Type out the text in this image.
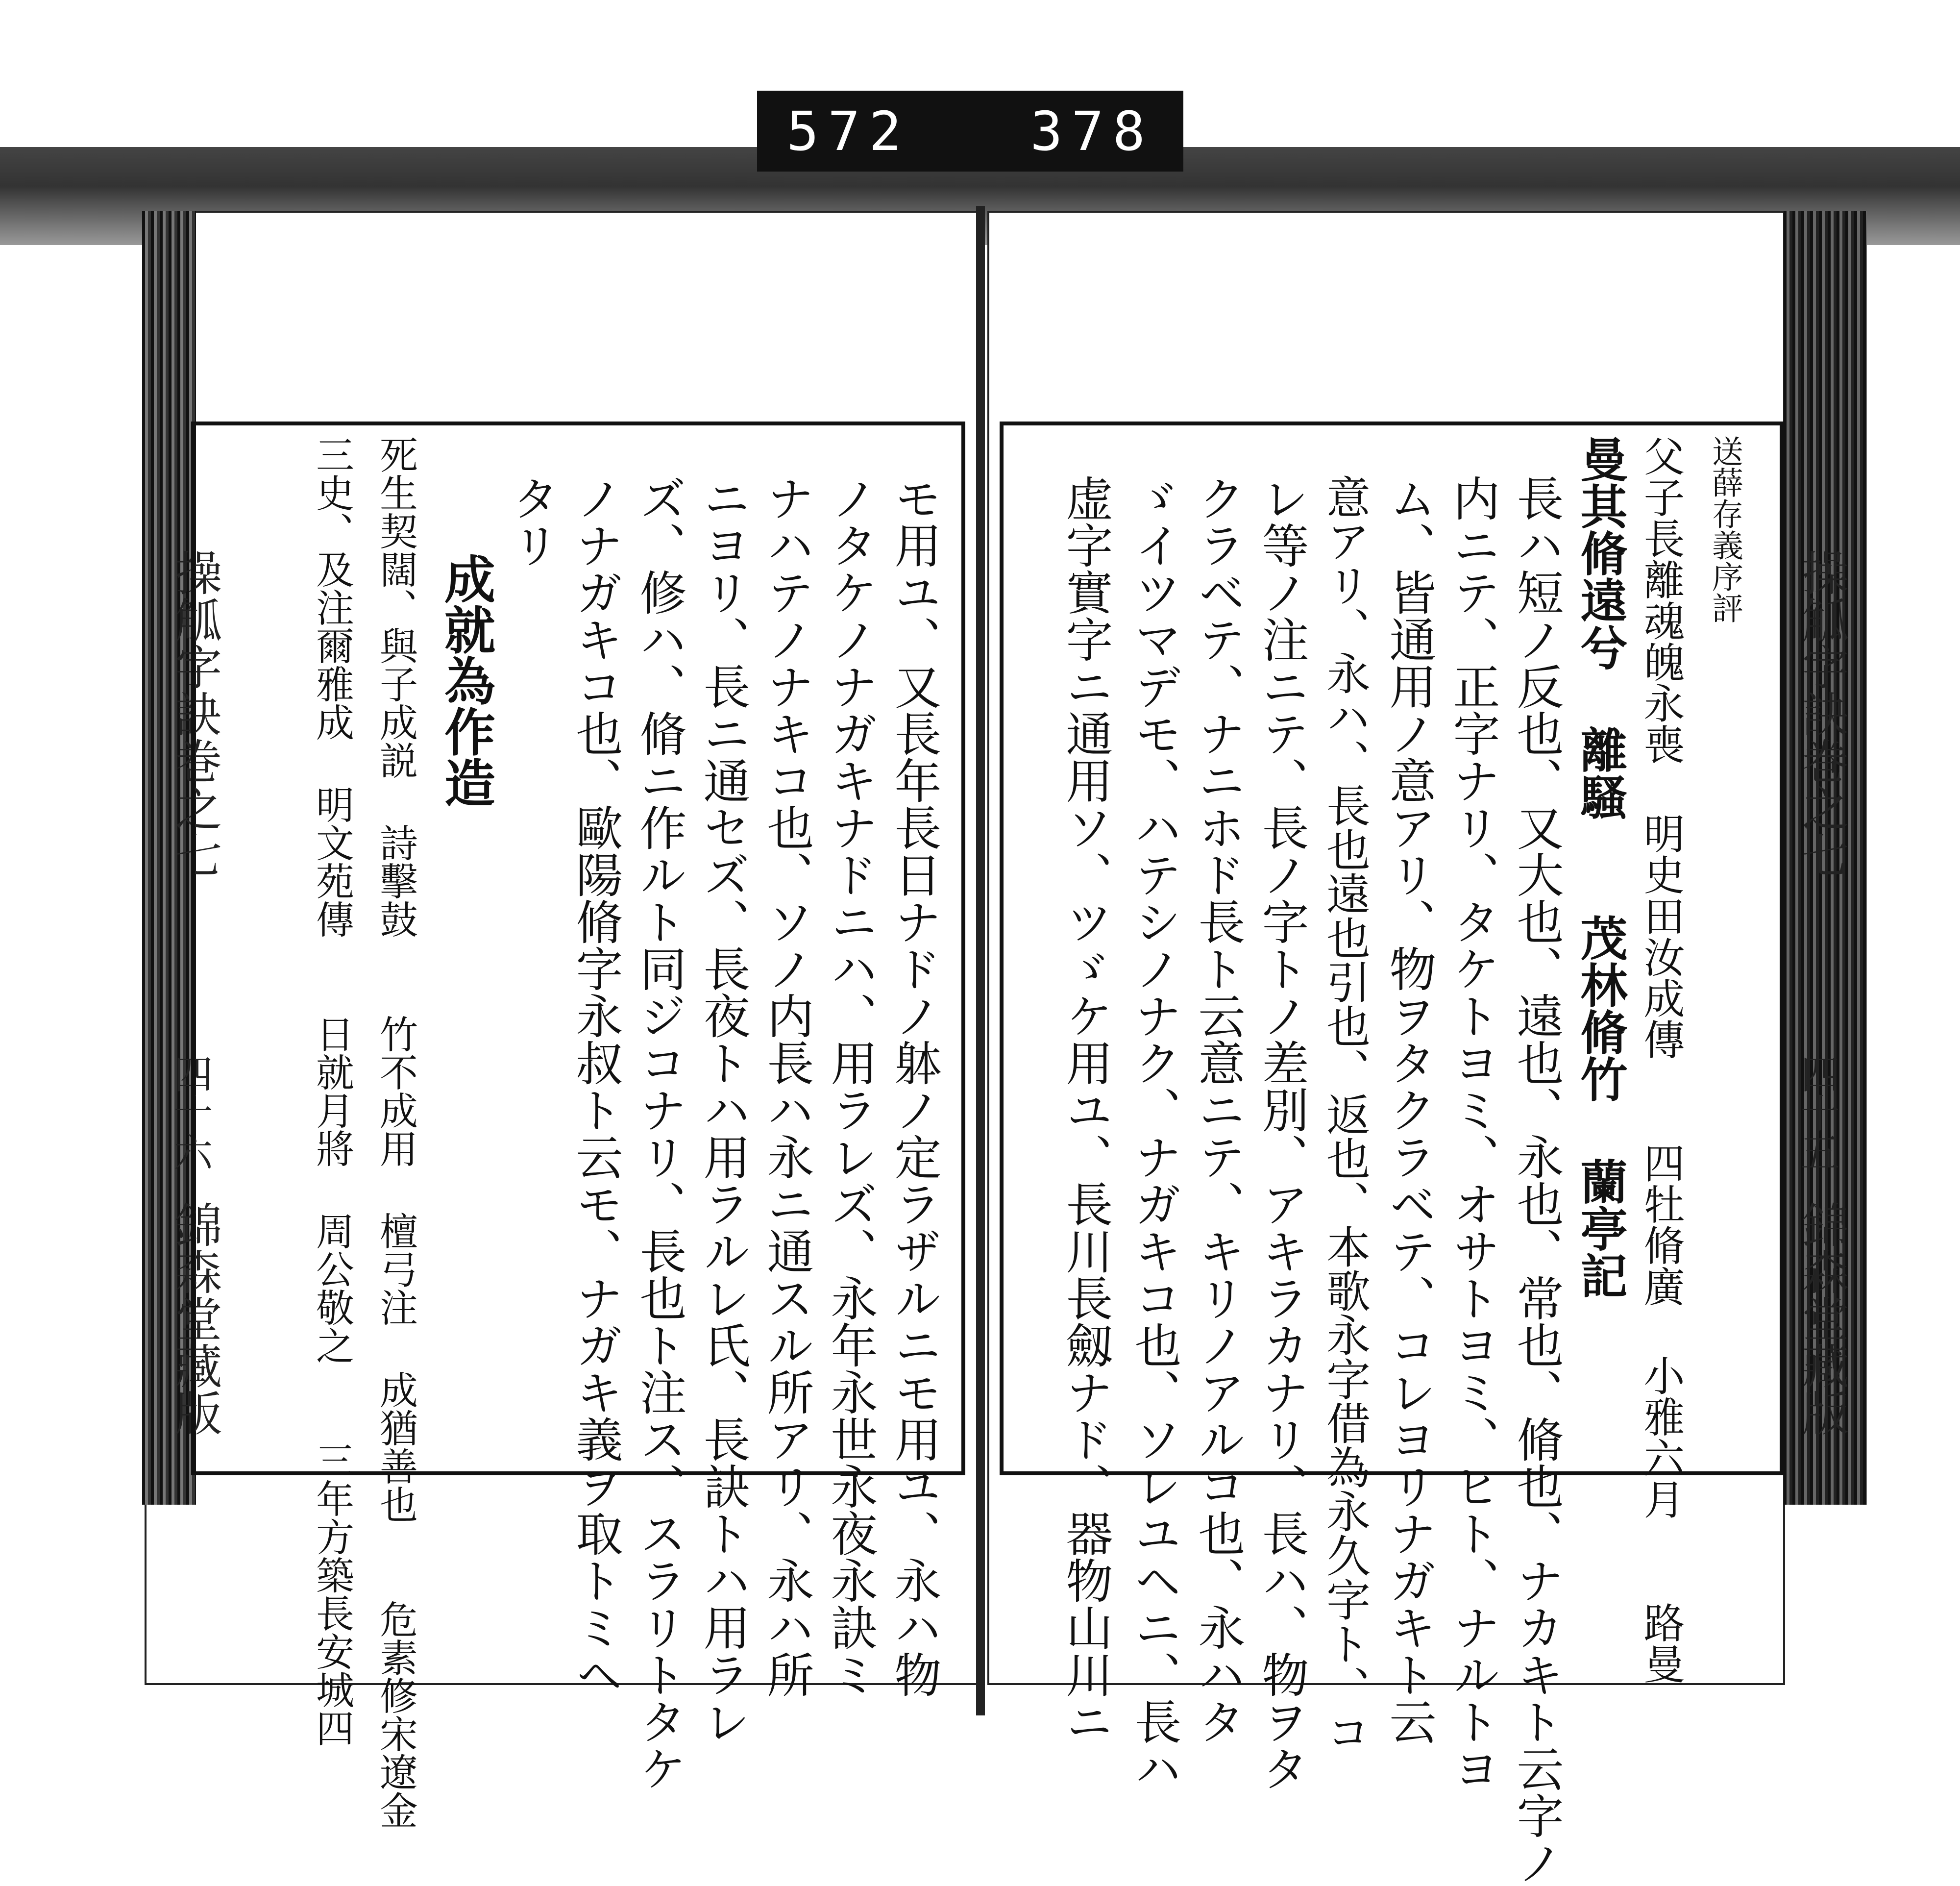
572 378
操觚字訣巻之七
四十六
錦森堂藏版
操觚字訣巻之七
四十五
錦森堂藏版
送薛存義序評
父子長離魂魄永喪 明史田汝成傳　　四牡脩廣 小雅六月　　路曼
曼其脩遠兮 離騷　　茂林脩竹 蘭亭記
長ハ短ノ反也、又大也、遠也、永也、常也、脩也、ナカキト云字ノ
内ニテ、正字ナリ、タケトヨミ、オサトヨミ、ヒト、ナルトヨ
ム、皆通用ノ意アリ、物ヲタクラベテ、コレヨリナガキト云
意アリ、永ハ、長也遠也引也、返也、本歌永字借為永久字ト、コ
レ等ノ注ニテ、長ノ字トノ差別、アキラカナリ、長ハ、物ヲタ
クラベテ、ナニホド長ト云意ニテ、キリノアルコ也、永ハタ
ゞイツマデモ、ハテシノナク、ナガキコ也、ソレユヘニ、長ハ
虚字實字ニ通用ソ、ツゞケ用ユ、長川長劔ナド、器物山川ニ
モ用ユ、又長年長日ナドノ躰ノ定ラザルニモ用ユ、永ハ物
ノタケノナガキナドニハ、用ラレズ、永年永世永夜永訣ミ
ナハテノナキコ也、ソノ内長ハ永ニ通スル所アリ、永ハ所
ニヨリ、長ニ通セズ、長夜トハ用ラルレ氏、長訣トハ用ラレ
ズ、修ハ、脩ニ作ルト同ジコナリ、長也ト注ス、スラリトタケ
ノナガキコ也、歐陽脩字永叔ト云モ、ナガキ義ヲ取トミヘ
タリ
成就為作造
死生契闊、與子成説 詩擊鼓　　竹不成用 檀弓注 成猶善也　　危素修宋遼金
三史、及注爾雅成 明文苑傳　　日就月將 周公敬之　　三年方築長安城四
